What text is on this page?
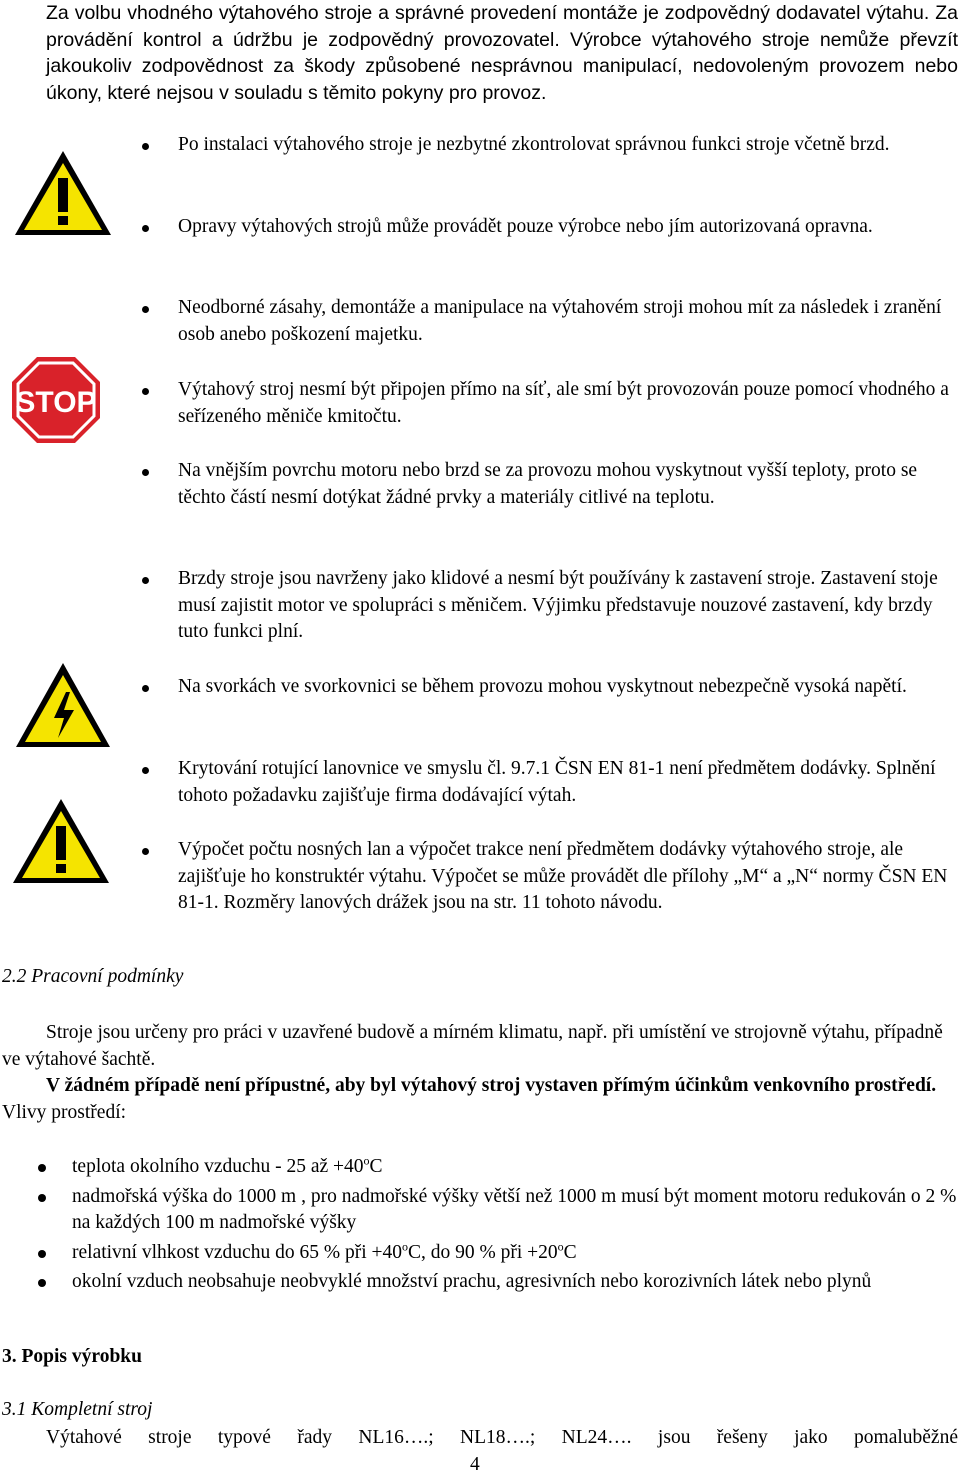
Za volbu vhodného výtahového stroje a správné provedení montáže je zodpovědný dodavatel výtahu. Za provádění kontrol a údržbu je zodpovědný provozovatel. Výrobce výtahového stroje nemůže převzít jakoukoliv zodpovědnost za škody způsobené nesprávnou manipulací, nedovoleným provozem nebo úkony, které nejsou v souladu s těmito pokyny pro provoz.
STOP
Po instalaci výtahového stroje je nezbytné zkontrolovat správnou funkci stroje včetně brzd.
Opravy výtahových strojů může provádět pouze výrobce nebo jím autorizovaná opravna.
Neodborné zásahy, demontáže a manipulace na výtahovém stroji mohou mít za následek i zranění osob anebo poškození majetku.
Výtahový stroj nesmí být připojen přímo na síť, ale smí být provozován pouze pomocí vhodného a seřízeného měniče kmitočtu.
Na vnějším povrchu motoru nebo brzd se za provozu mohou vyskytnout vyšší teploty, proto se těchto částí nesmí dotýkat žádné prvky a materiály citlivé na teplotu.
Brzdy stroje jsou navrženy jako klidové a nesmí být používány k zastavení stroje. Zastavení stoje musí zajistit motor ve spolupráci s měničem. Výjimku představuje nouzové zastavení, kdy brzdy tuto funkci plní.
Na svorkách ve svorkovnici se během provozu mohou vyskytnout nebezpečně vysoká napětí.
Krytování rotující lanovnice ve smyslu čl. 9.7.1 ČSN EN 81-1 není předmětem dodávky. Splnění tohoto požadavku zajišťuje firma dodávající výtah.
Výpočet počtu nosných lan a výpočet trakce není předmětem dodávky výtahového stroje, ale zajišťuje ho konstruktér výtahu. Výpočet se může provádět dle přílohy „M“ a „N“ normy ČSN EN 81-1. Rozměry lanových drážek jsou na str. 11 tohoto návodu.
2.2 Pracovní podmínky
Stroje jsou určeny pro práci v uzavřené budově a mírném klimatu, např. při umístění ve strojovně výtahu, případně ve výtahové šachtě.
V žádném případě není přípustné, aby byl výtahový stroj vystaven přímým účinkům venkovního prostředí.
Vlivy prostředí:
teplota okolního vzduchu - 25 až $+40^oC$
nadmořská výška do 1000 m , pro nadmořské výšky větší než 1000 m musí být moment motoru redukován o 2 % na každých 100 m nadmořské výšky
relativní vlhkost vzduchu do 65 % při $+40^oC$, do 90 % při $+20^oC$
okolní vzduch neobsahuje neobvyklé množství prachu, agresivních nebo korozivních látek nebo plynů
3. Popis výrobku
3.1 Kompletní stroj
Výtahové stroje typové řady NL16….; NL18….; NL24…. jsou řešeny jako pomaluběžné
4
